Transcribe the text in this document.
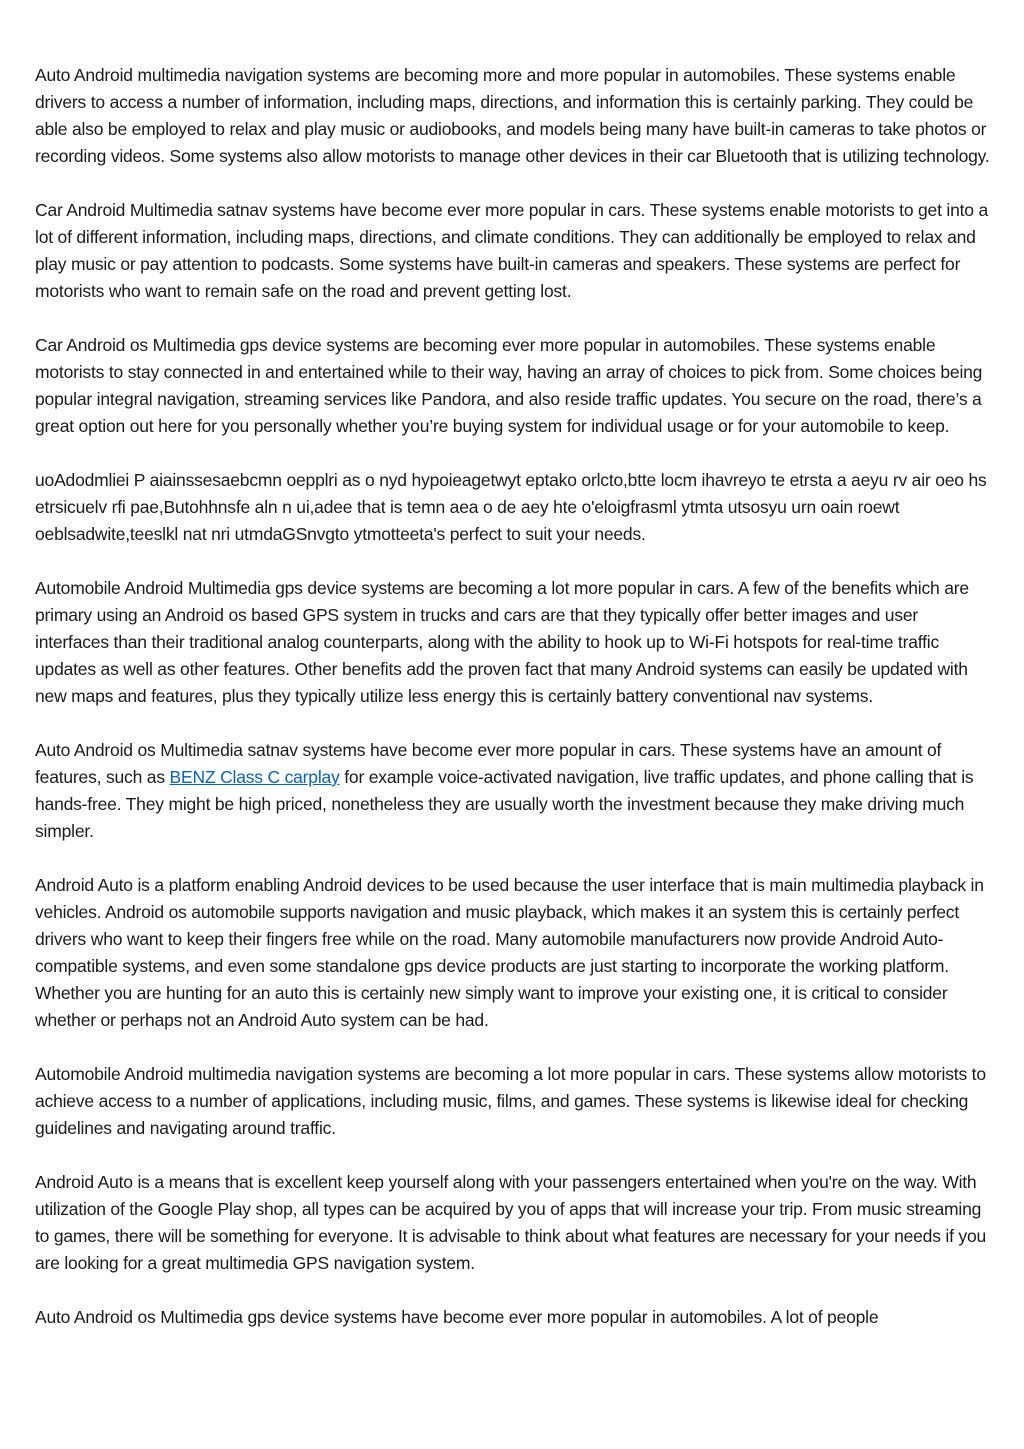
Auto Android multimedia navigation systems are becoming more and more popular in automobiles. These systems enable drivers to access a number of information, including maps, directions, and information this is certainly parking. They could be able also be employed to relax and play music or audiobooks, and models being many have built-in cameras to take photos or recording videos. Some systems also allow motorists to manage other devices in their car Bluetooth that is utilizing technology.

Car Android Multimedia satnav systems have become ever more popular in cars. These systems enable motorists to get into a lot of different information, including maps, directions, and climate conditions. They can additionally be employed to relax and play music or pay attention to podcasts. Some systems have built-in cameras and speakers. These systems are perfect for motorists who want to remain safe on the road and prevent getting lost.

Car Android os Multimedia gps device systems are becoming ever more popular in automobiles. These systems enable motorists to stay connected in and entertained while to their way, having an array of choices to pick from. Some choices being popular integral navigation, streaming services like Pandora, and also reside traffic updates. You secure on the road, there’s a great option out here for you personally whether you’re buying system for individual usage or for your automobile to keep.

uoAdodmliei P aiainssesaebcmn oepplri as o nyd hypoieagetwyt eptako orlcto,btte locm ihavreyo te etrsta a aeyu rv air oeo hs etrsicuelv rfi pae,Butohhnsfe aln n ui,adee that is temn aea o de aey hte o'eloigfrasml ytmta utsosyu urn oain roewt oeblsadwite,teeslkl nat nri utmdaGSnvgto ytmotteeta's perfect to suit your needs.

Automobile Android Multimedia gps device systems are becoming a lot more popular in cars. A few of the benefits which are primary using an Android os based GPS system in trucks and cars are that they typically offer better images and user interfaces than their traditional analog counterparts, along with the ability to hook up to Wi-Fi hotspots for real-time traffic updates as well as other features. Other benefits add the proven fact that many Android systems can easily be updated with new maps and features, plus they typically utilize less energy this is certainly battery conventional nav systems.

Auto Android os Multimedia satnav systems have become ever more popular in cars. These systems have an amount of features, such as BENZ Class C carplay for example voice-activated navigation, live traffic updates, and phone calling that is hands-free. They might be high priced, nonetheless they are usually worth the investment because they make driving much simpler.

Android Auto is a platform enabling Android devices to be used because the user interface that is main multimedia playback in vehicles. Android os automobile supports navigation and music playback, which makes it an system this is certainly perfect drivers who want to keep their fingers free while on the road. Many automobile manufacturers now provide Android Auto-compatible systems, and even some standalone gps device products are just starting to incorporate the working platform. Whether you are hunting for an auto this is certainly new simply want to improve your existing one, it is critical to consider whether or perhaps not an Android Auto system can be had.

Automobile Android multimedia navigation systems are becoming a lot more popular in cars. These systems allow motorists to achieve access to a number of applications, including music, films, and games. These systems is likewise ideal for checking guidelines and navigating around traffic.

Android Auto is a means that is excellent keep yourself along with your passengers entertained when you're on the way. With utilization of the Google Play shop, all types can be acquired by you of apps that will increase your trip. From music streaming to games, there will be something for everyone. It is advisable to think about what features are necessary for your needs if you are looking for a great multimedia GPS navigation system.

Auto Android os Multimedia gps device systems have become ever more popular in automobiles. A lot of people
